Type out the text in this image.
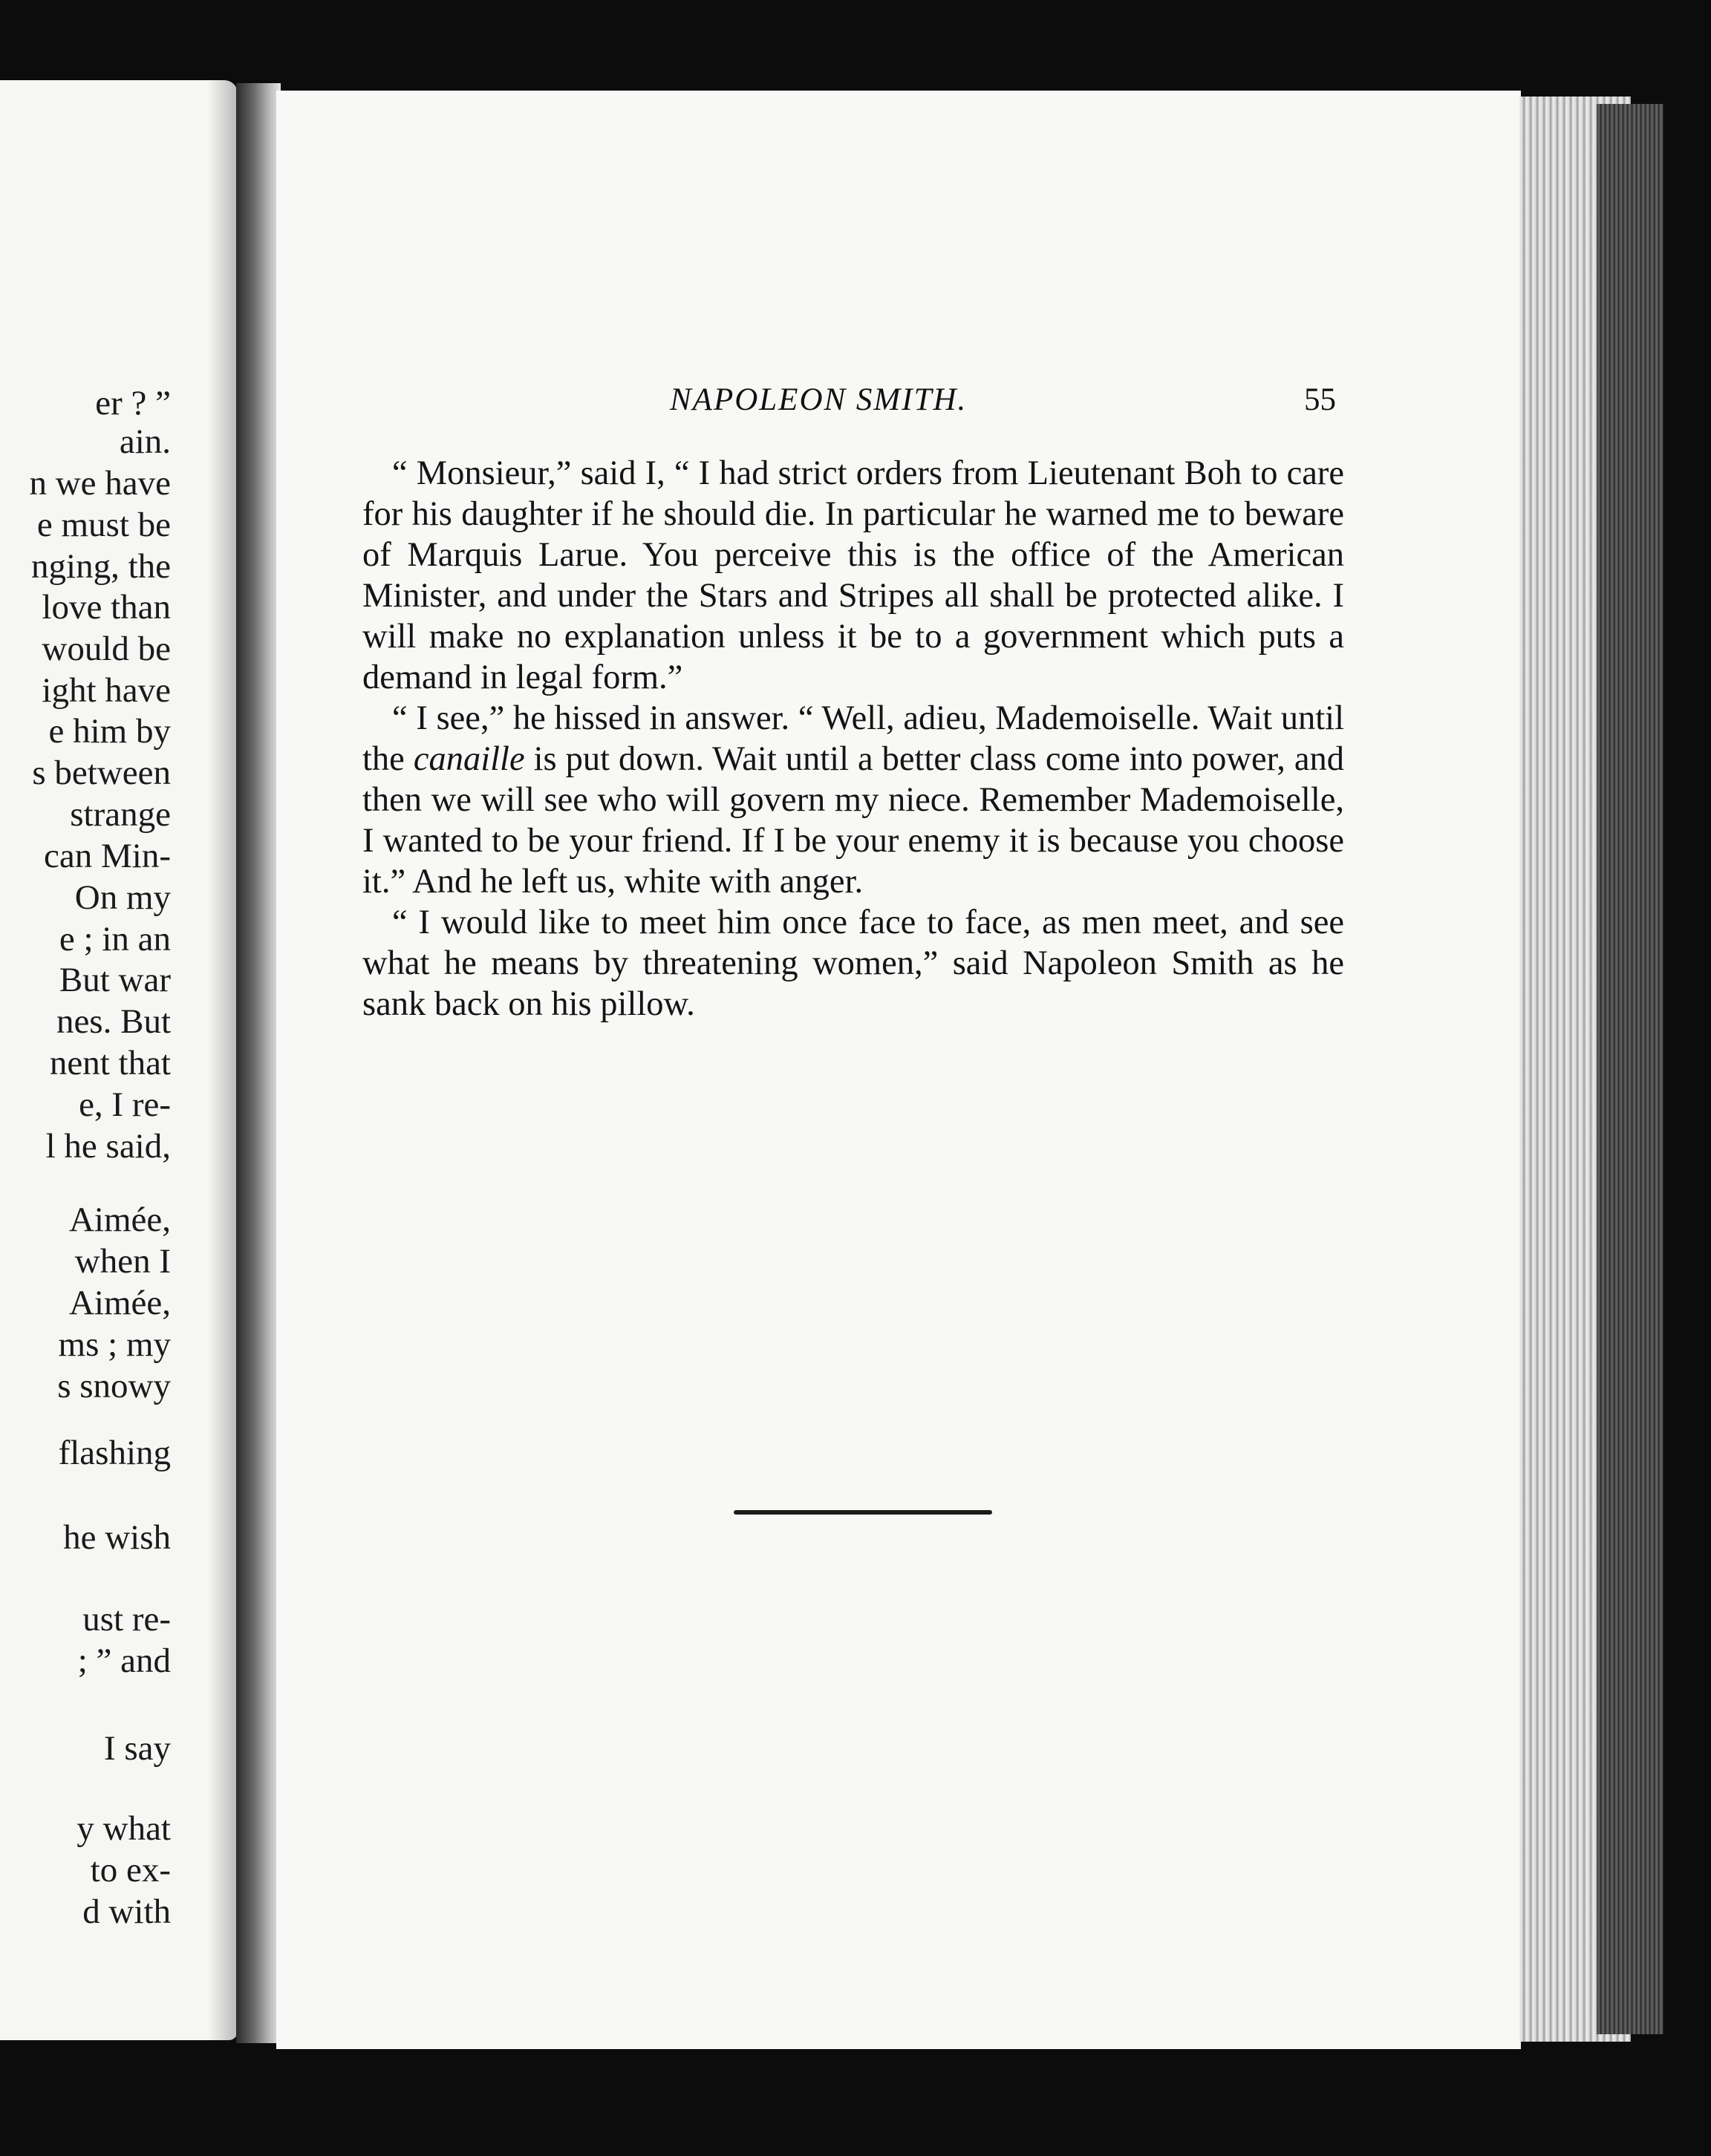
er ? ”
ain.
n we have
e must be
nging, the
love than
would be
ight have
e him by
s between
strange
can Min-
On my
e ; in an
But war
nes. But
nent that
e, I re-
l he said,
Aimée,
when I
Aimée,
ms ; my
s snowy
flashing
he wish
ust re-
; ” and
I say
y what
to ex-
d with
NAPOLEON SMITH.	55

“ Monsieur,” said I, “ I had strict orders from Lieutenant Boh to care for his daughter if he should die. In particular he warned me to beware of Marquis Larue. You perceive this is the office of the American Minister, and under the Stars and Stripes all shall be protected alike. I will make no explanation unless it be to a government which puts a demand in legal form.”

“ I see,” he hissed in answer. “ Well, adieu, Mademoiselle. Wait until the canaille is put down. Wait until a better class come into power, and then we will see who will govern my niece. Remember Mademoiselle, I wanted to be your friend. If I be your enemy it is because you choose it.” And he left us, white with anger.

“ I would like to meet him once face to face, as men meet, and see what he means by threatening women,” said Napoleon Smith as he sank back on his pillow.
